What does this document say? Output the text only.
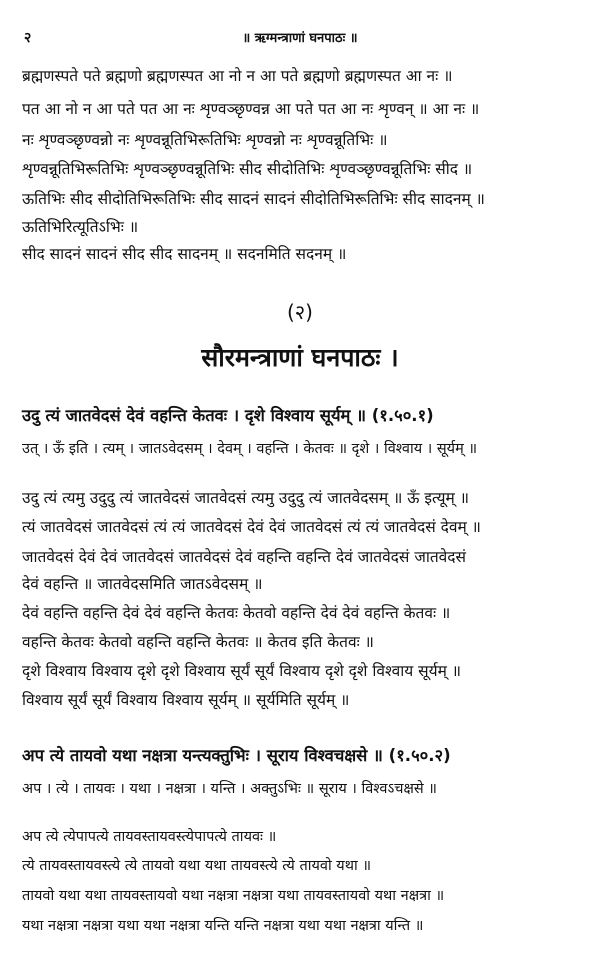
२	॥ ऋग्मन्त्राणां घनपाठः ॥
ब्रह्मणस्पते पते ब्रह्मणो ब्रह्मणस्पत आ नो न आ पते ब्रह्मणो ब्रह्मणस्पत आ नः ॥
पत आ नो न आ पते पत आ नः शृण्वञ्छृण्वन्न आ पते पत आ नः शृण्वन् ॥ आ नः ॥
नः शृण्वञ्छृण्वन्नो नः शृण्वन्नूतिभिरूतिभिः शृण्वन्नो नः शृण्वन्नूतिभिः ॥
शृण्वन्नूतिभिरूतिभिः शृण्वञ्छृण्वन्नूतिभिः सीद सीदोतिभिः शृण्वञ्छृण्वन्नूतिभिः सीद ॥
ऊतिभिः सीद सीदोतिभिरूतिभिः सीद सादनं सादनं सीदोतिभिरूतिभिः सीद सादनम् ॥
ऊतिभिरित्यूतिऽभिः ॥
सीद सादनं सादनं सीद सीद सादनम् ॥ सदनमिति सदनम् ॥
(२)
सौरमन्त्राणां घनपाठः ।
उदु त्यं जातवेदसं देवं वहन्ति केतवः । दृशे विश्वाय सूर्यम् ॥ (१.५०.१)
उत् । ऊँ इति । त्यम् । जातऽवेदसम् । देवम् । वहन्ति । केतवः ॥ दृशे । विश्वाय । सूर्यम् ॥
उदु त्यं त्यमु उदुदु त्यं जातवेदसं जातवेदसं त्यमु उदुदु त्यं जातवेदसम् ॥ ऊँ इत्यूम् ॥
त्यं जातवेदसं जातवेदसं त्यं त्यं जातवेदसं देवं देवं जातवेदसं त्यं त्यं जातवेदसं देवम् ॥
जातवेदसं देवं देवं जातवेदसं जातवेदसं देवं वहन्ति वहन्ति देवं जातवेदसं जातवेदसं
देवं वहन्ति ॥ जातवेदसमिति जातऽवेदसम् ॥
देवं वहन्ति वहन्ति देवं देवं वहन्ति केतवः केतवो वहन्ति देवं देवं वहन्ति केतवः ॥
वहन्ति केतवः केतवो वहन्ति वहन्ति केतवः ॥ केतव इति केतवः ॥
दृशे विश्वाय विश्वाय दृशे दृशे विश्वाय सूर्यं सूर्यं विश्वाय दृशे दृशे विश्वाय सूर्यम् ॥
विश्वाय सूर्यं सूर्यं विश्वाय विश्वाय सूर्यम् ॥ सूर्यमिति सूर्यम् ॥
अप त्ये तायवो यथा नक्षत्रा यन्त्यक्तुभिः । सूराय विश्वचक्षसे ॥ (१.५०.२)
अप । त्ये । तायवः । यथा । नक्षत्रा । यन्ति । अक्तुऽभिः ॥ सूराय । विश्वऽचक्षसे ॥
अप त्ये त्येपापत्ये तायवस्तायवस्त्येपापत्ये तायवः ॥
त्ये तायवस्तायवस्त्ये त्ये तायवो यथा यथा तायवस्त्ये त्ये तायवो यथा ॥
तायवो यथा यथा तायवस्तायवो यथा नक्षत्रा नक्षत्रा यथा तायवस्तायवो यथा नक्षत्रा ॥
यथा नक्षत्रा नक्षत्रा यथा यथा नक्षत्रा यन्ति यन्ति नक्षत्रा यथा यथा नक्षत्रा यन्ति ॥
